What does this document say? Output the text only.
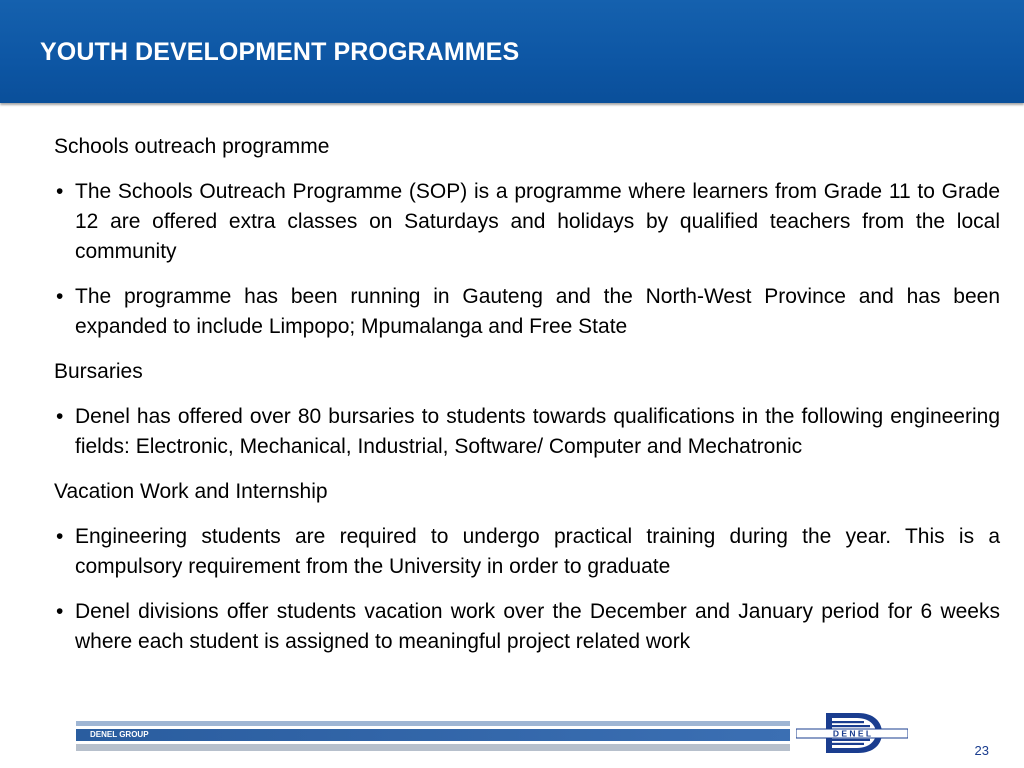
YOUTH DEVELOPMENT PROGRAMMES

Schools outreach programme

• The Schools Outreach Programme (SOP) is a programme where learners from Grade 11 to Grade 12 are offered extra classes on Saturdays and holidays by qualified teachers from the local community

• The programme has been running in Gauteng and the North-West Province and has been expanded to include Limpopo; Mpumalanga and Free State

Bursaries

• Denel has offered over 80 bursaries to students towards qualifications in the following engineering fields: Electronic, Mechanical, Industrial, Software/ Computer and Mechatronic

Vacation Work and Internship

• Engineering students are required to undergo practical training during the year. This is a compulsory requirement from the University in order to graduate

• Denel divisions offer students vacation work over the December and January period for 6 weeks where each student is assigned to meaningful project related work

DENEL GROUP	D E N E L
23
